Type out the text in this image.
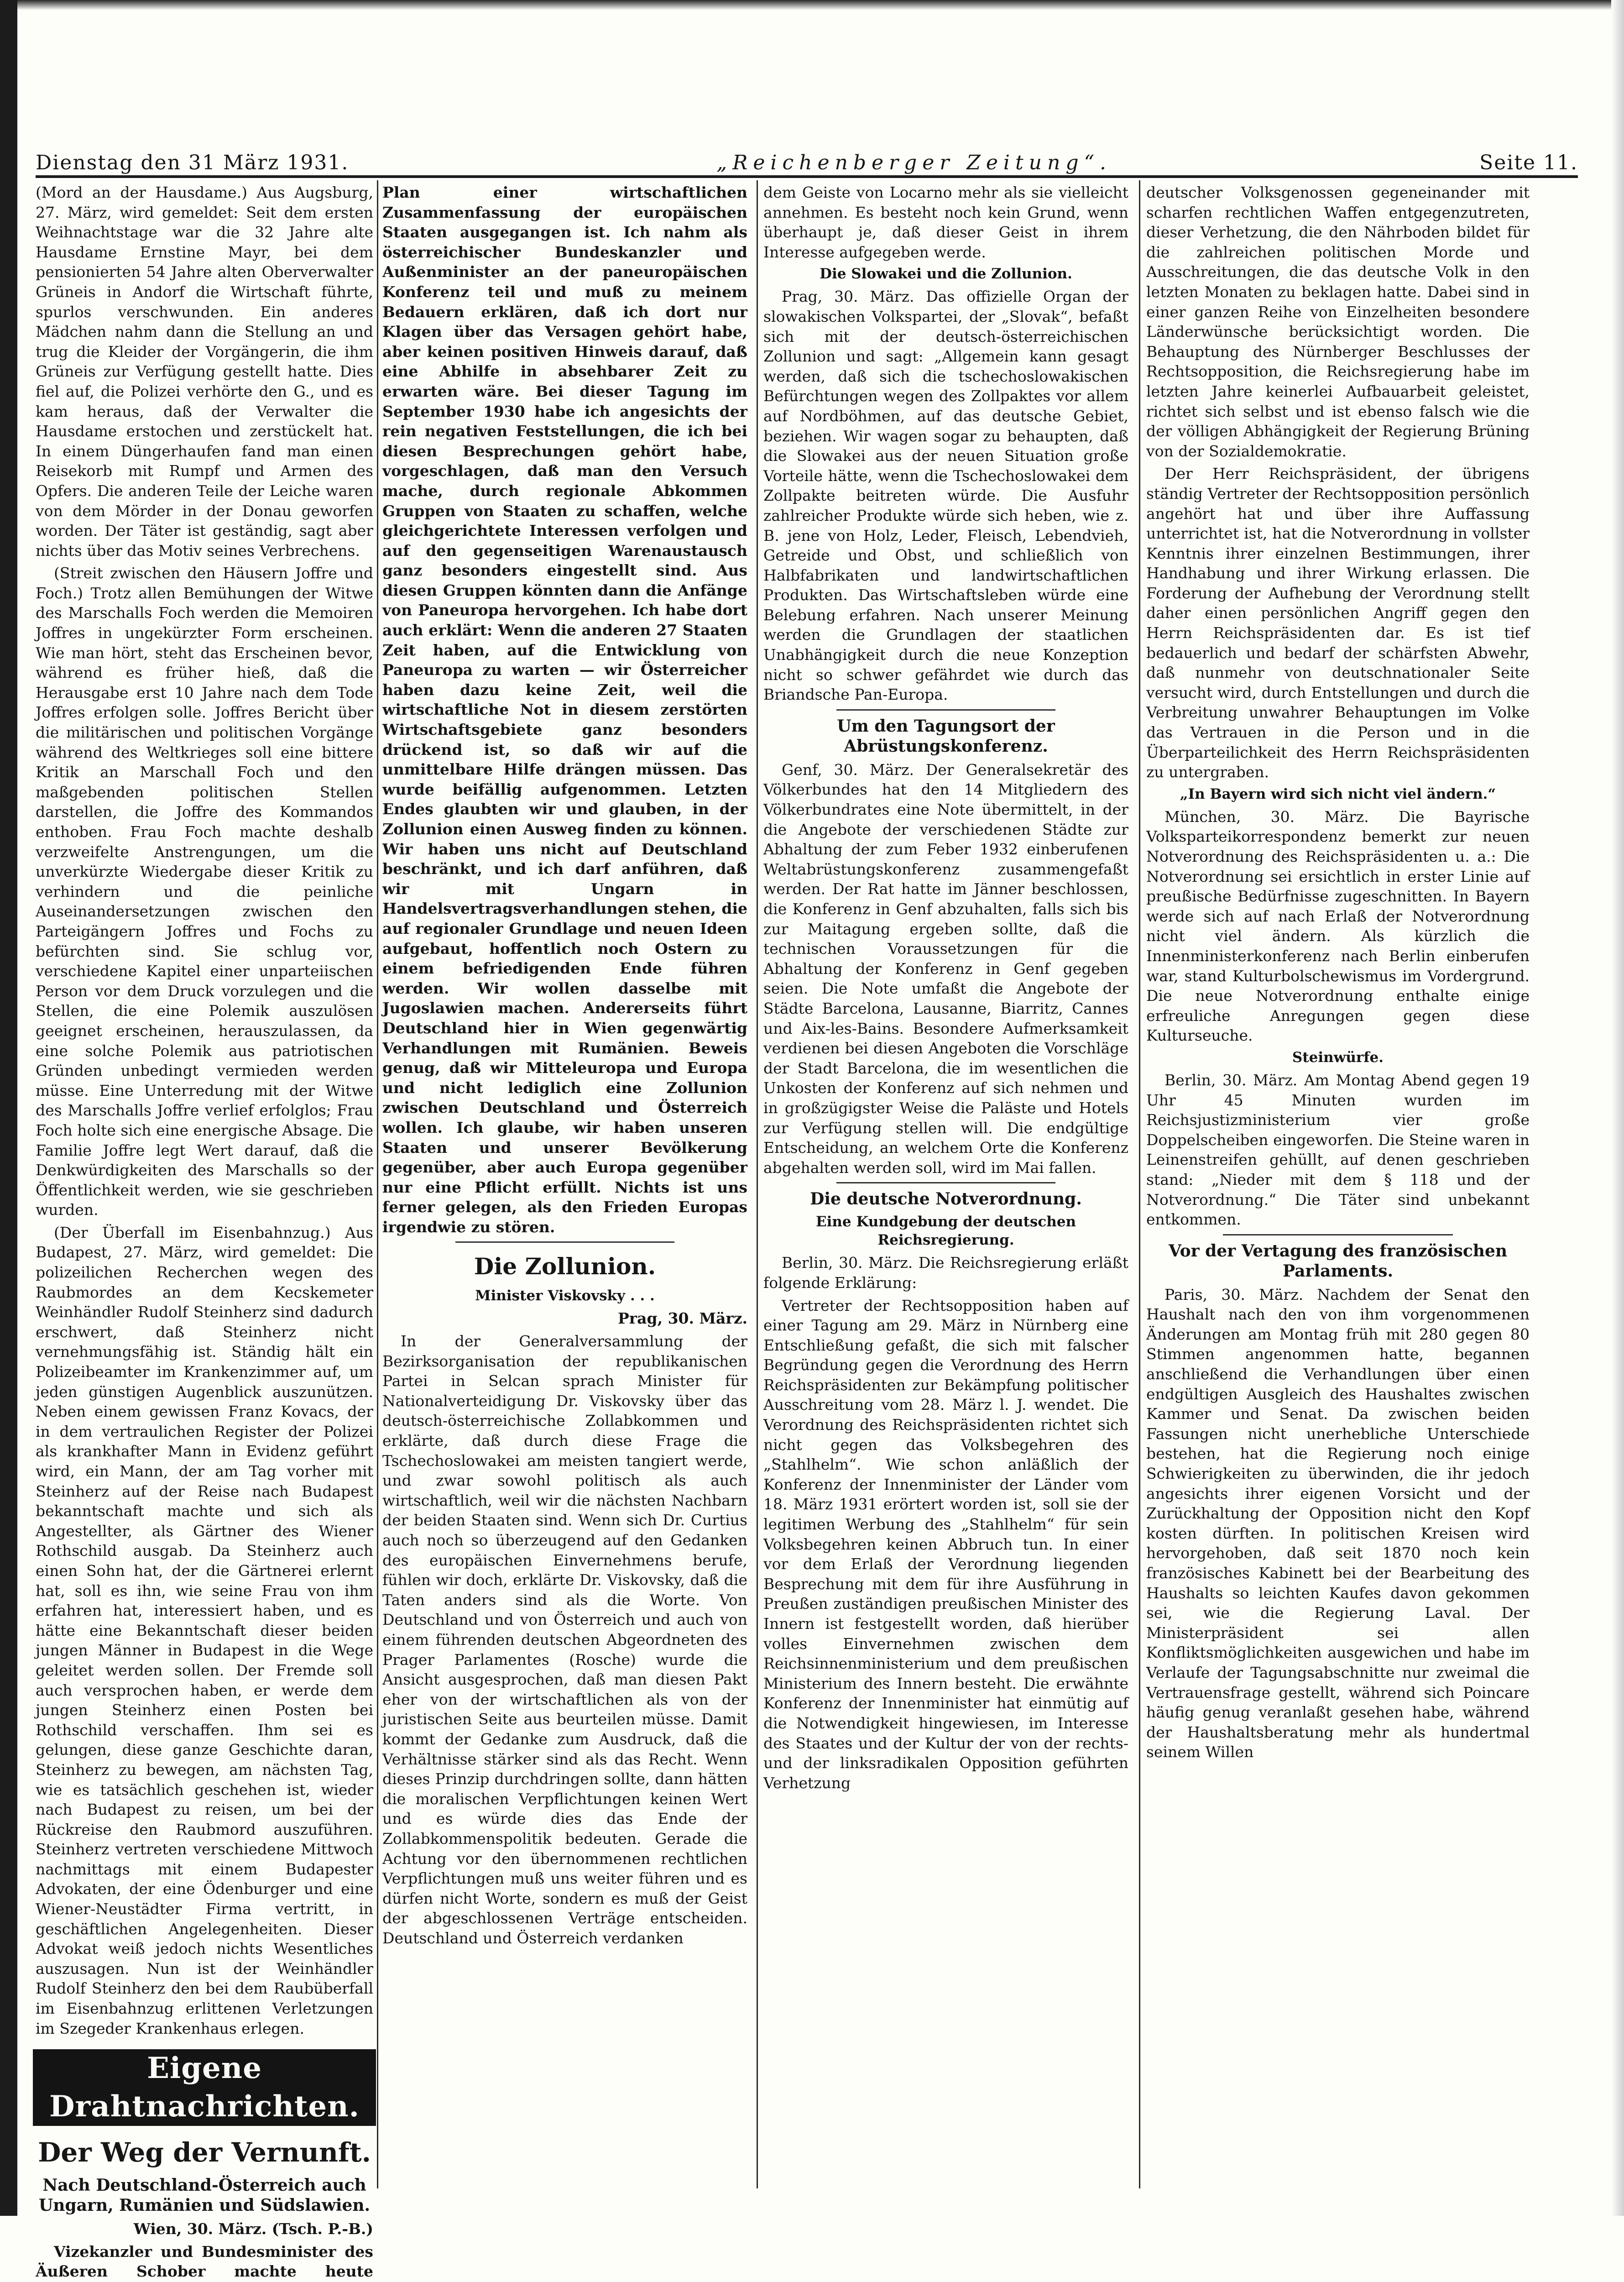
Dienstag den 31 März 1931.	„Reichenberger Zeitung“.	Seite 11.

(Mord an der Hausdame.) Aus Augsburg, 27. März, wird gemeldet: Seit dem ersten Weihnachtstage war die 32 Jahre alte Hausdame Ernstine Mayr, bei dem pensionierten 54 Jahre alten Oberverwalter Grüneis in Andorf die Wirtschaft führte, spurlos verschwunden. Ein anderes Mädchen nahm dann die Stellung an und trug die Kleider der Vorgängerin, die ihm Grüneis zur Verfügung gestellt hatte. Dies fiel auf, die Polizei verhörte den G., und es kam heraus, daß der Verwalter die Hausdame erstochen und zerstückelt hat. In einem Düngerhaufen fand man einen Reisekorb mit Rumpf und Armen des Opfers. Die anderen Teile der Leiche waren von dem Mörder in der Donau geworfen worden. Der Täter ist geständig, sagt aber nichts über das Motiv seines Verbrechens.

(Streit zwischen den Häusern Joffre und Foch.) Trotz allen Bemühungen der Witwe des Marschalls Foch werden die Memoiren Joffres in ungekürzter Form erscheinen. Wie man hört, steht das Erscheinen bevor, während es früher hieß, daß die Herausgabe erst 10 Jahre nach dem Tode Joffres erfolgen solle. Joffres Bericht über die militärischen und politischen Vorgänge während des Weltkrieges soll eine bittere Kritik an Marschall Foch und den maßgebenden politischen Stellen darstellen, die Joffre des Kommandos enthoben. Frau Foch machte deshalb verzweifelte Anstrengungen, um die unverkürzte Wiedergabe dieser Kritik zu verhindern und die peinliche Auseinandersetzungen zwischen den Parteigängern Joffres und Fochs zu befürchten sind. Sie schlug vor, verschiedene Kapitel einer unparteiischen Person vor dem Druck vorzulegen und die Stellen, die eine Polemik auszulösen geeignet erscheinen, herauszulassen, da eine solche Polemik aus patriotischen Gründen unbedingt vermieden werden müsse. Eine Unterredung mit der Witwe des Marschalls Joffre verlief erfolglos; Frau Foch holte sich eine energische Absage. Die Familie Joffre legt Wert darauf, daß die Denkwürdigkeiten des Marschalls so der Öffentlichkeit werden, wie sie geschrieben wurden.

(Der Überfall im Eisenbahnzug.) Aus Budapest, 27. März, wird gemeldet: Die polizeilichen Recherchen wegen des Raubmordes an dem Kecskemeter Weinhändler Rudolf Steinherz sind dadurch erschwert, daß Steinherz nicht vernehmungsfähig ist. Ständig hält ein Polizeibeamter im Krankenzimmer auf, um jeden günstigen Augenblick auszunützen. Neben einem gewissen Franz Kovacs, der in dem vertraulichen Register der Polizei als krankhafter Mann in Evidenz geführt wird, ein Mann, der am Tag vorher mit Steinherz auf der Reise nach Budapest bekanntschaft machte und sich als Angestellter, als Gärtner des Wiener Rothschild ausgab. Da Steinherz auch einen Sohn hat, der die Gärtnerei erlernt hat, soll es ihn, wie seine Frau von ihm erfahren hat, interessiert haben, und es hätte eine Bekanntschaft dieser beiden jungen Männer in Budapest in die Wege geleitet werden sollen. Der Fremde soll auch versprochen haben, er werde dem jungen Steinherz einen Posten bei Rothschild verschaffen. Ihm sei es gelungen, diese ganze Geschichte daran, Steinherz zu bewegen, am nächsten Tag, wie es tatsächlich geschehen ist, wieder nach Budapest zu reisen, um bei der Rückreise den Raubmord auszuführen. Steinherz vertreten verschiedene Mittwoch nachmittags mit einem Budapester Advokaten, der eine Ödenburger und eine Wiener-Neustädter Firma vertritt, in geschäftlichen Angelegenheiten. Dieser Advokat weiß jedoch nichts Wesentliches auszusagen. Nun ist der Weinhändler Rudolf Steinherz den bei dem Raubüberfall im Eisenbahnzug erlittenen Verletzungen im Szegeder Krankenhaus erlegen.

Eigene Drahtnachrichten.
Der Weg der Vernunft.
Nach Deutschland-Österreich auch Ungarn, Rumänien und Südslawien.

Wien, 30. März. (Tsch. P.-B.)

Vizekanzler und Bundesminister des Äußeren Schober machte heute

Plan einer wirtschaftlichen Zusammenfassung der europäischen Staaten ausgegangen ist. Ich nahm als österreichischer Bundeskanzler und Außenminister an der paneuropäischen Konferenz teil und muß zu meinem Bedauern erklären, daß ich dort nur Klagen über das Versagen gehört habe, aber keinen positiven Hinweis darauf, daß eine Abhilfe in absehbarer Zeit zu erwarten wäre. Bei dieser Tagung im September 1930 habe ich angesichts der rein negativen Feststellungen, die ich bei diesen Besprechungen gehört habe, vorgeschlagen, daß man den Versuch mache, durch regionale Abkommen Gruppen von Staaten zu schaffen, welche gleichgerichtete Interessen verfolgen und auf den gegenseitigen Warenaustausch ganz besonders eingestellt sind. Aus diesen Gruppen könnten dann die Anfänge von Paneuropa hervorgehen. Ich habe dort auch erklärt: Wenn die anderen 27 Staaten Zeit haben, auf die Entwicklung von Paneuropa zu warten — wir Österreicher haben dazu keine Zeit, weil die wirtschaftliche Not in diesem zerstörten Wirtschaftsgebiete ganz besonders drückend ist, so daß wir auf die unmittelbare Hilfe drängen müssen. Das wurde beifällig aufgenommen. Letzten Endes glaubten wir und glauben, in der Zollunion einen Ausweg finden zu können. Wir haben uns nicht auf Deutschland beschränkt, und ich darf anführen, daß wir mit Ungarn in Handelsvertragsverhandlungen stehen, die auf regionaler Grundlage und neuen Ideen aufgebaut, hoffentlich noch Ostern zu einem befriedigenden Ende führen werden. Wir wollen dasselbe mit Jugoslawien machen. Andererseits führt Deutschland hier in Wien gegenwärtig Verhandlungen mit Rumänien. Beweis genug, daß wir Mitteleuropa und Europa und nicht lediglich eine Zollunion zwischen Deutschland und Österreich wollen. Ich glaube, wir haben unseren Staaten und unserer Bevölkerung gegenüber, aber auch Europa gegenüber nur eine Pflicht erfüllt. Nichts ist uns ferner gelegen, als den Frieden Europas irgendwie zu stören.

Die Zollunion.
Minister Viskovsky . . .

Prag, 30. März.

In der Generalversammlung der Bezirksorganisation der republikanischen Partei in Selcan sprach Minister für Nationalverteidigung Dr. Viskovsky über das deutsch-österreichische Zollabkommen und erklärte, daß durch diese Frage die Tschechoslowakei am meisten tangiert werde, und zwar sowohl politisch als auch wirtschaftlich, weil wir die nächsten Nachbarn der beiden Staaten sind. Wenn sich Dr. Curtius auch noch so überzeugend auf den Gedanken des europäischen Einvernehmens berufe, fühlen wir doch, erklärte Dr. Viskovsky, daß die Taten anders sind als die Worte. Von Deutschland und von Österreich und auch von einem führenden deutschen Abgeordneten des Prager Parlamentes (Rosche) wurde die Ansicht ausgesprochen, daß man diesen Pakt eher von der wirtschaftlichen als von der juristischen Seite aus beurteilen müsse. Damit kommt der Gedanke zum Ausdruck, daß die Verhältnisse stärker sind als das Recht. Wenn dieses Prinzip durchdringen sollte, dann hätten die moralischen Verpflichtungen keinen Wert und es würde dies das Ende der Zollabkommenspolitik bedeuten. Gerade die Achtung vor den übernommenen rechtlichen Verpflichtungen muß uns weiter führen und es dürfen nicht Worte, sondern es muß der Geist der abgeschlossenen Verträge entscheiden. Deutschland und Österreich verdanken

dem Geiste von Locarno mehr als sie vielleicht annehmen. Es besteht noch kein Grund, wenn überhaupt je, daß dieser Geist in ihrem Interesse aufgegeben werde.

Die Slowakei und die Zollunion.

Prag, 30. März. Das offizielle Organ der slowakischen Volkspartei, der „Slovak“, befaßt sich mit der deutsch-österreichischen Zollunion und sagt: „Allgemein kann gesagt werden, daß sich die tschechoslowakischen Befürchtungen wegen des Zollpaktes vor allem auf Nordböhmen, auf das deutsche Gebiet, beziehen. Wir wagen sogar zu behaupten, daß die Slowakei aus der neuen Situation große Vorteile hätte, wenn die Tschechoslowakei dem Zollpakte beitreten würde. Die Ausfuhr zahlreicher Produkte würde sich heben, wie z. B. jene von Holz, Leder, Fleisch, Lebendvieh, Getreide und Obst, und schließlich von Halbfabrikaten und landwirtschaftlichen Produkten. Das Wirtschaftsleben würde eine Belebung erfahren. Nach unserer Meinung werden die Grundlagen der staatlichen Unabhängigkeit durch die neue Konzeption nicht so schwer gefährdet wie durch das Briandsche Pan-Europa.

Um den Tagungsort der Abrüstungskonferenz.

Genf, 30. März. Der Generalsekretär des Völkerbundes hat den 14 Mitgliedern des Völkerbundrates eine Note übermittelt, in der die Angebote der verschiedenen Städte zur Abhaltung der zum Feber 1932 einberufenen Weltabrüstungskonferenz zusammengefaßt werden. Der Rat hatte im Jänner beschlossen, die Konferenz in Genf abzuhalten, falls sich bis zur Maitagung ergeben sollte, daß die technischen Voraussetzungen für die Abhaltung der Konferenz in Genf gegeben seien. Die Note umfaßt die Angebote der Städte Barcelona, Lausanne, Biarritz, Cannes und Aix-les-Bains. Besondere Aufmerksamkeit verdienen bei diesen Angeboten die Vorschläge der Stadt Barcelona, die im wesentlichen die Unkosten der Konferenz auf sich nehmen und in großzügigster Weise die Paläste und Hotels zur Verfügung stellen will. Die endgültige Entscheidung, an welchem Orte die Konferenz abgehalten werden soll, wird im Mai fallen.

Die deutsche Notverordnung.
Eine Kundgebung der deutschen Reichsregierung.

Berlin, 30. März. Die Reichsregierung erläßt folgende Erklärung:

Vertreter der Rechtsopposition haben auf einer Tagung am 29. März in Nürnberg eine Entschließung gefaßt, die sich mit falscher Begründung gegen die Verordnung des Herrn Reichspräsidenten zur Bekämpfung politischer Ausschreitung vom 28. März l. J. wendet. Die Verordnung des Reichspräsidenten richtet sich nicht gegen das Volksbegehren des „Stahlhelm“. Wie schon anläßlich der Konferenz der Innenminister der Länder vom 18. März 1931 erörtert worden ist, soll sie der legitimen Werbung des „Stahlhelm“ für sein Volksbegehren keinen Abbruch tun. In einer vor dem Erlaß der Verordnung liegenden Besprechung mit dem für ihre Ausführung in Preußen zuständigen preußischen Minister des Innern ist festgestellt worden, daß hierüber volles Einvernehmen zwischen dem Reichsinnenministerium und dem preußischen Ministerium des Innern besteht. Die erwähnte Konferenz der Innenminister hat einmütig auf die Notwendigkeit hingewiesen, im Interesse des Staates und der Kultur der von der rechts- und der linksradikalen Opposition geführten Verhetzung

deutscher Volksgenossen gegeneinander mit scharfen rechtlichen Waffen entgegenzutreten, dieser Verhetzung, die den Nährboden bildet für die zahlreichen politischen Morde und Ausschreitungen, die das deutsche Volk in den letzten Monaten zu beklagen hatte. Dabei sind in einer ganzen Reihe von Einzelheiten besondere Länderwünsche berücksichtigt worden. Die Behauptung des Nürnberger Beschlusses der Rechtsopposition, die Reichsregierung habe im letzten Jahre keinerlei Aufbauarbeit geleistet, richtet sich selbst und ist ebenso falsch wie die der völligen Abhängigkeit der Regierung Brüning von der Sozialdemokratie.

Der Herr Reichspräsident, der übrigens ständig Vertreter der Rechtsopposition persönlich angehört hat und über ihre Auffassung unterrichtet ist, hat die Notverordnung in vollster Kenntnis ihrer einzelnen Bestimmungen, ihrer Handhabung und ihrer Wirkung erlassen. Die Forderung der Aufhebung der Verordnung stellt daher einen persönlichen Angriff gegen den Herrn Reichspräsidenten dar. Es ist tief bedauerlich und bedarf der schärfsten Abwehr, daß nunmehr von deutschnationaler Seite versucht wird, durch Entstellungen und durch die Verbreitung unwahrer Behauptungen im Volke das Vertrauen in die Person und in die Überparteilichkeit des Herrn Reichspräsidenten zu untergraben.

„In Bayern wird sich nicht viel ändern.“

München, 30. März. Die Bayrische Volksparteikorrespondenz bemerkt zur neuen Notverordnung des Reichspräsidenten u. a.: Die Notverordnung sei ersichtlich in erster Linie auf preußische Bedürfnisse zugeschnitten. In Bayern werde sich auf nach Erlaß der Notverordnung nicht viel ändern. Als kürzlich die Innenministerkonferenz nach Berlin einberufen war, stand Kulturbolschewismus im Vordergrund. Die neue Notverordnung enthalte einige erfreuliche Anregungen gegen diese Kulturseuche.

Steinwürfe.

Berlin, 30. März. Am Montag Abend gegen 19 Uhr 45 Minuten wurden im Reichsjustizministerium vier große Doppelscheiben eingeworfen. Die Steine waren in Leinenstreifen gehüllt, auf denen geschrieben stand: „Nieder mit dem § 118 und der Notverordnung.“ Die Täter sind unbekannt entkommen.

Vor der Vertagung des französischen Parlaments.

Paris, 30. März. Nachdem der Senat den Haushalt nach den von ihm vorgenommenen Änderungen am Montag früh mit 280 gegen 80 Stimmen angenommen hatte, begannen anschließend die Verhandlungen über einen endgültigen Ausgleich des Haushaltes zwischen Kammer und Senat. Da zwischen beiden Fassungen nicht unerhebliche Unterschiede bestehen, hat die Regierung noch einige Schwierigkeiten zu überwinden, die ihr jedoch angesichts ihrer eigenen Vorsicht und der Zurückhaltung der Opposition nicht den Kopf kosten dürften. In politischen Kreisen wird hervorgehoben, daß seit 1870 noch kein französisches Kabinett bei der Bearbeitung des Haushalts so leichten Kaufes davon gekommen sei, wie die Regierung Laval. Der Ministerpräsident sei allen Konfliktsmöglichkeiten ausgewichen und habe im Verlaufe der Tagungsabschnitte nur zweimal die Vertrauensfrage gestellt, während sich Poincare häufig genug veranlaßt gesehen habe, während der Haushaltsberatung mehr als hundertmal seinem Willen
